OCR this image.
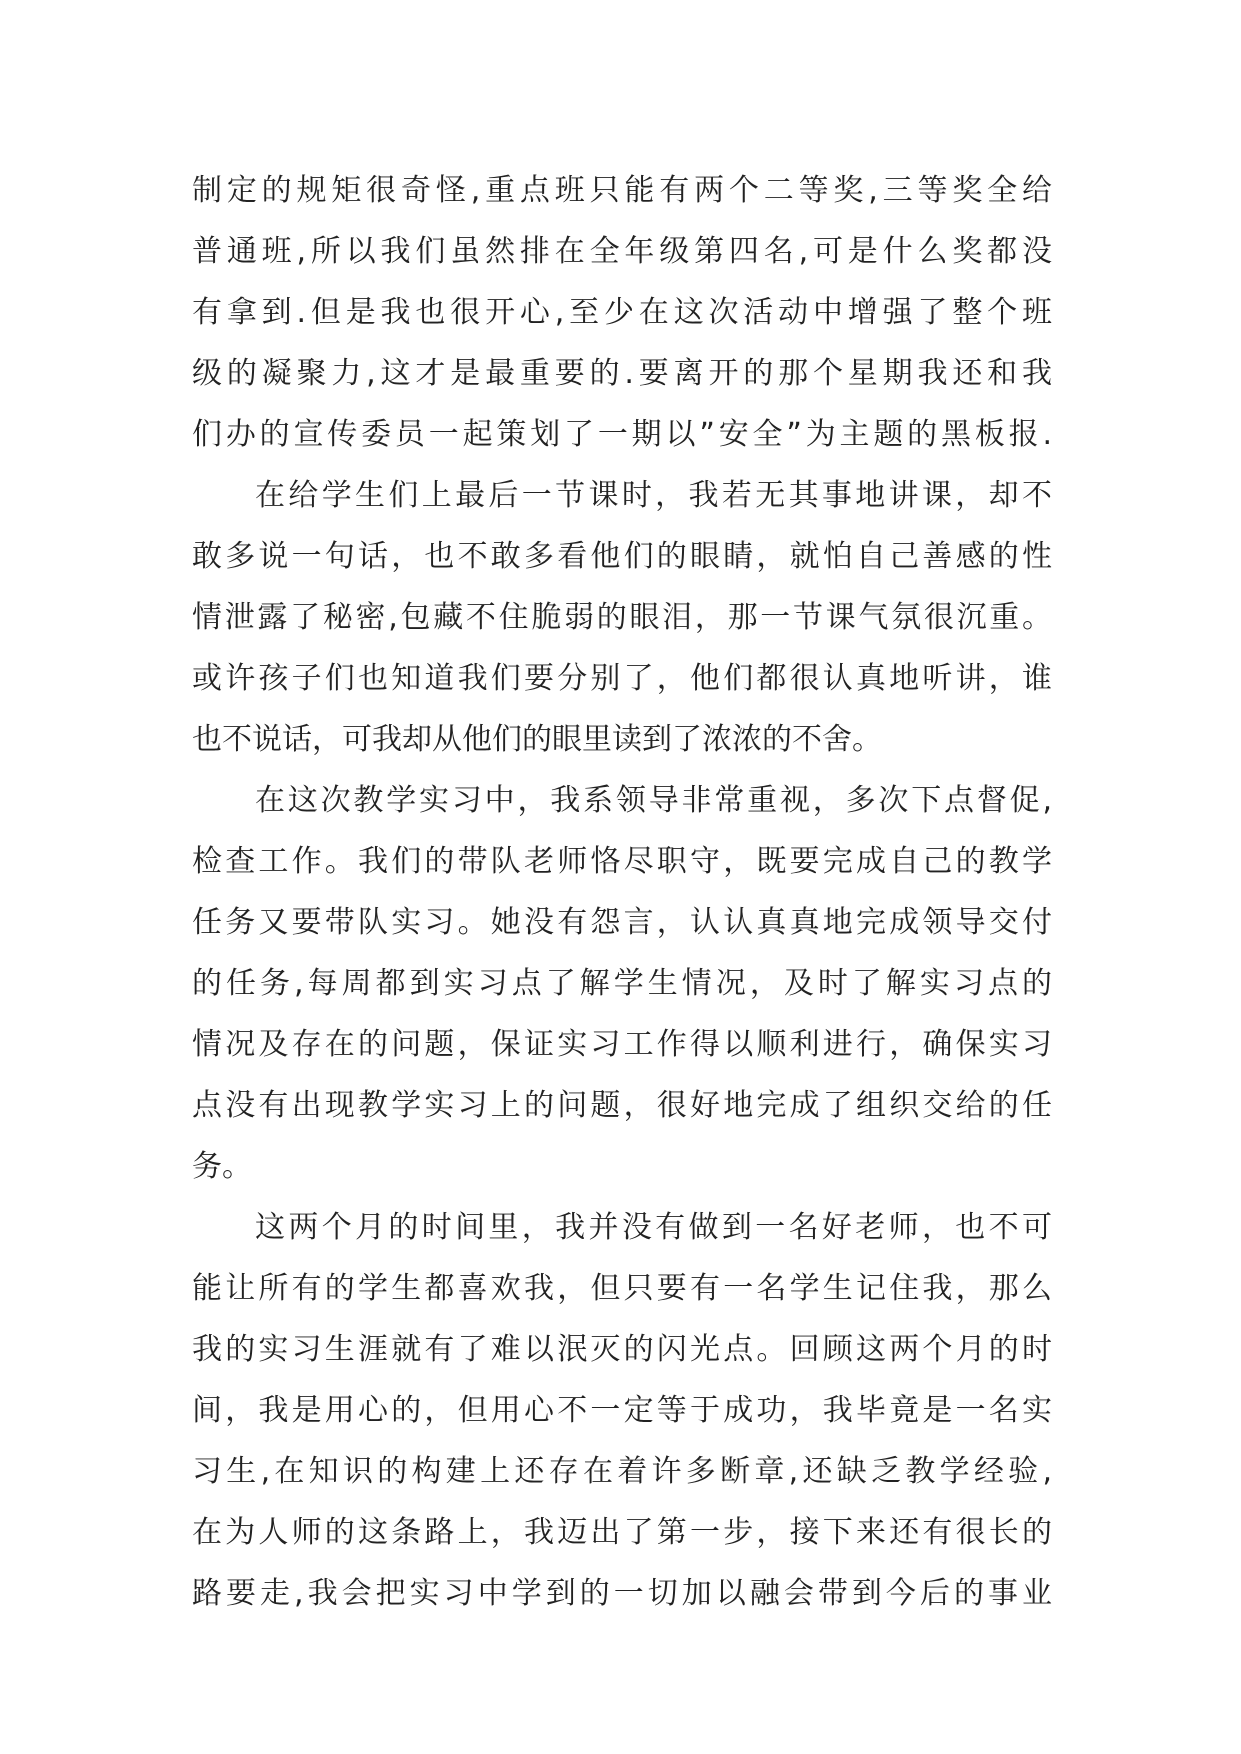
制定的规矩很奇怪,重点班只能有两个二等奖,三等奖全给
普通班,所以我们虽然排在全年级第四名,可是什么奖都没
有拿到.但是我也很开心,至少在这次活动中增强了整个班
级的凝聚力,这才是最重要的.要离开的那个星期我还和我
们办的宣传委员一起策划了一期以”安全”为主题的黑板报.
在给学生们上最后一节课时，我若无其事地讲课，却不
敢多说一句话，也不敢多看他们的眼睛，就怕自己善感的性
情泄露了秘密,包藏不住脆弱的眼泪，那一节课气氛很沉重。
或许孩子们也知道我们要分别了，他们都很认真地听讲，谁
也不说话，可我却从他们的眼里读到了浓浓的不舍。
在这次教学实习中，我系领导非常重视，多次下点督促,
检查工作。我们的带队老师恪尽职守，既要完成自己的教学
任务又要带队实习。她没有怨言，认认真真地完成领导交付
的任务,每周都到实习点了解学生情况，及时了解实习点的
情况及存在的问题，保证实习工作得以顺利进行，确保实习
点没有出现教学实习上的问题，很好地完成了组织交给的任
务。
这两个月的时间里，我并没有做到一名好老师，也不可
能让所有的学生都喜欢我，但只要有一名学生记住我，那么
我的实习生涯就有了难以泯灭的闪光点。回顾这两个月的时
间，我是用心的，但用心不一定等于成功，我毕竟是一名实
习生,在知识的构建上还存在着许多断章,还缺乏教学经验,
在为人师的这条路上，我迈出了第一步，接下来还有很长的
路要走,我会把实习中学到的一切加以融会带到今后的事业
